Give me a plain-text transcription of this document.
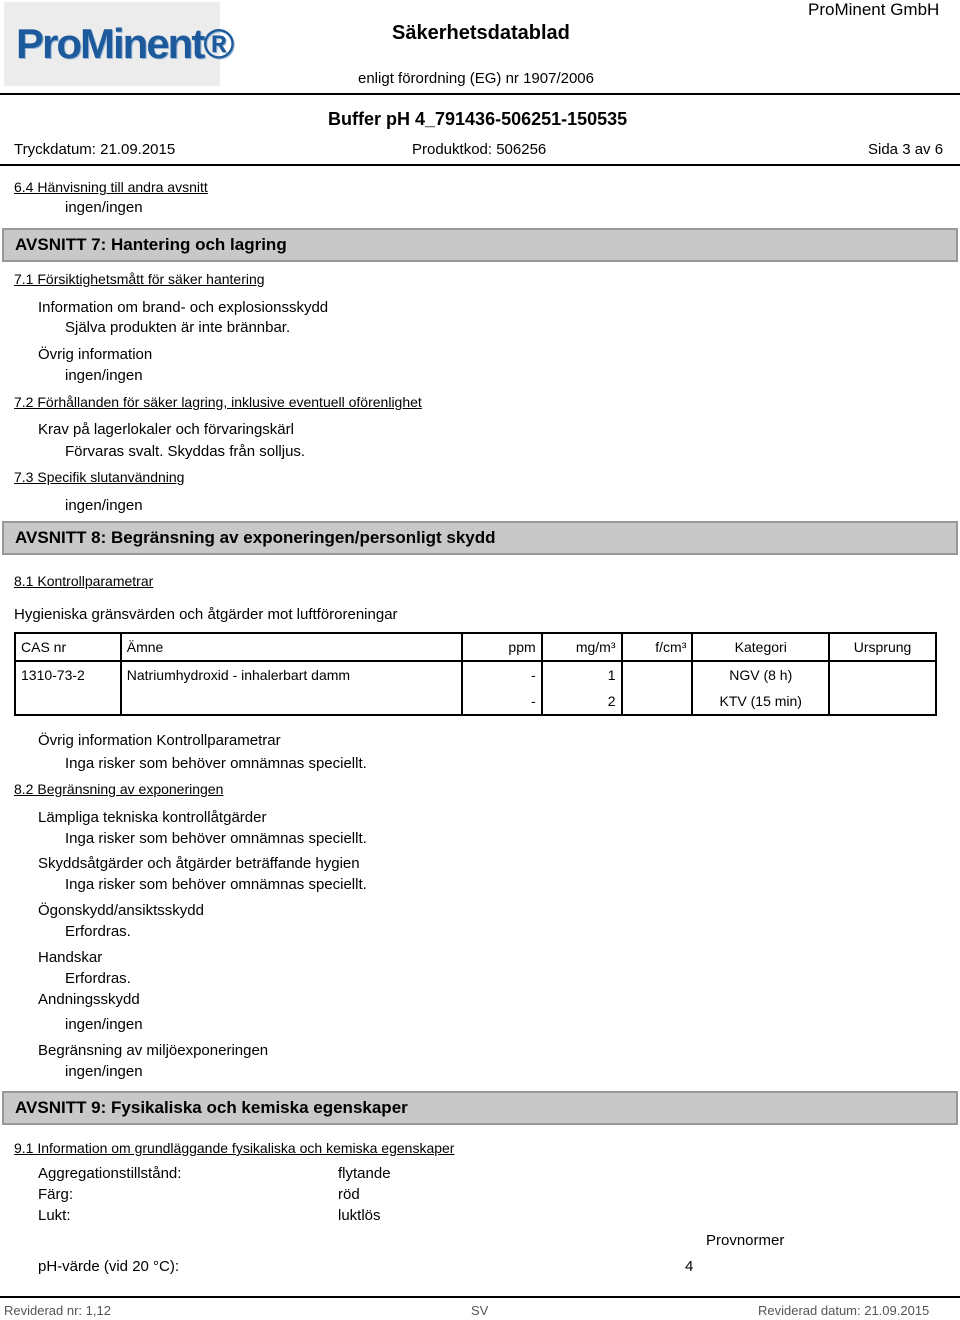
ProMinent®	Säkerhetsdatablad
ProMinent GmbH
enligt förordning (EG) nr 1907/2006
Buffer pH 4_791436-506251-150535
Tryckdatum: 21.09.2015	Produktkod: 506256	Sida 3 av 6
6.4 Hänvisning till andra avsnitt
ingen/ingen
AVSNITT 7: Hantering och lagring
7.1 Försiktighetsmått för säker hantering
Information om brand- och explosionsskydd
Själva produkten är inte brännbar.
Övrig information
ingen/ingen
7.2 Förhållanden för säker lagring, inklusive eventuell oförenlighet
Krav på lagerlokaler och förvaringskärl
Förvaras svalt. Skyddas från solljus.
7.3 Specifik slutanvändning
ingen/ingen
AVSNITT 8: Begränsning av exponeringen/personligt skydd
8.1 Kontrollparametrar
Hygieniska gränsvärden och åtgärder mot luftföroreningar
CAS nr	Ämne	ppm	mg/m³	f/cm³	Kategori	Ursprung
1310-73-2	Natriumhydroxid - inhalerbart damm	-	1		NGV (8 h)	
		-	2		KTV (15 min)	
Övrig information Kontrollparametrar
Inga risker som behöver omnämnas speciellt.
8.2 Begränsning av exponeringen
Lämpliga tekniska kontrollåtgärder
Inga risker som behöver omnämnas speciellt.
Skyddsåtgärder och åtgärder beträffande hygien
Inga risker som behöver omnämnas speciellt.
Ögonskydd/ansiktsskydd
Erfordras.
Handskar
Erfordras.
Andningsskydd
ingen/ingen
Begränsning av miljöexponeringen
ingen/ingen
AVSNITT 9: Fysikaliska och kemiska egenskaper
9.1 Information om grundläggande fysikaliska och kemiska egenskaper
Aggregationstillstånd:	flytande
Färg:	röd
Lukt:	luktlös
Provnormer
pH-värde (vid 20 °C):	4
Reviderad nr: 1,12	SV	Reviderad datum: 21.09.2015
